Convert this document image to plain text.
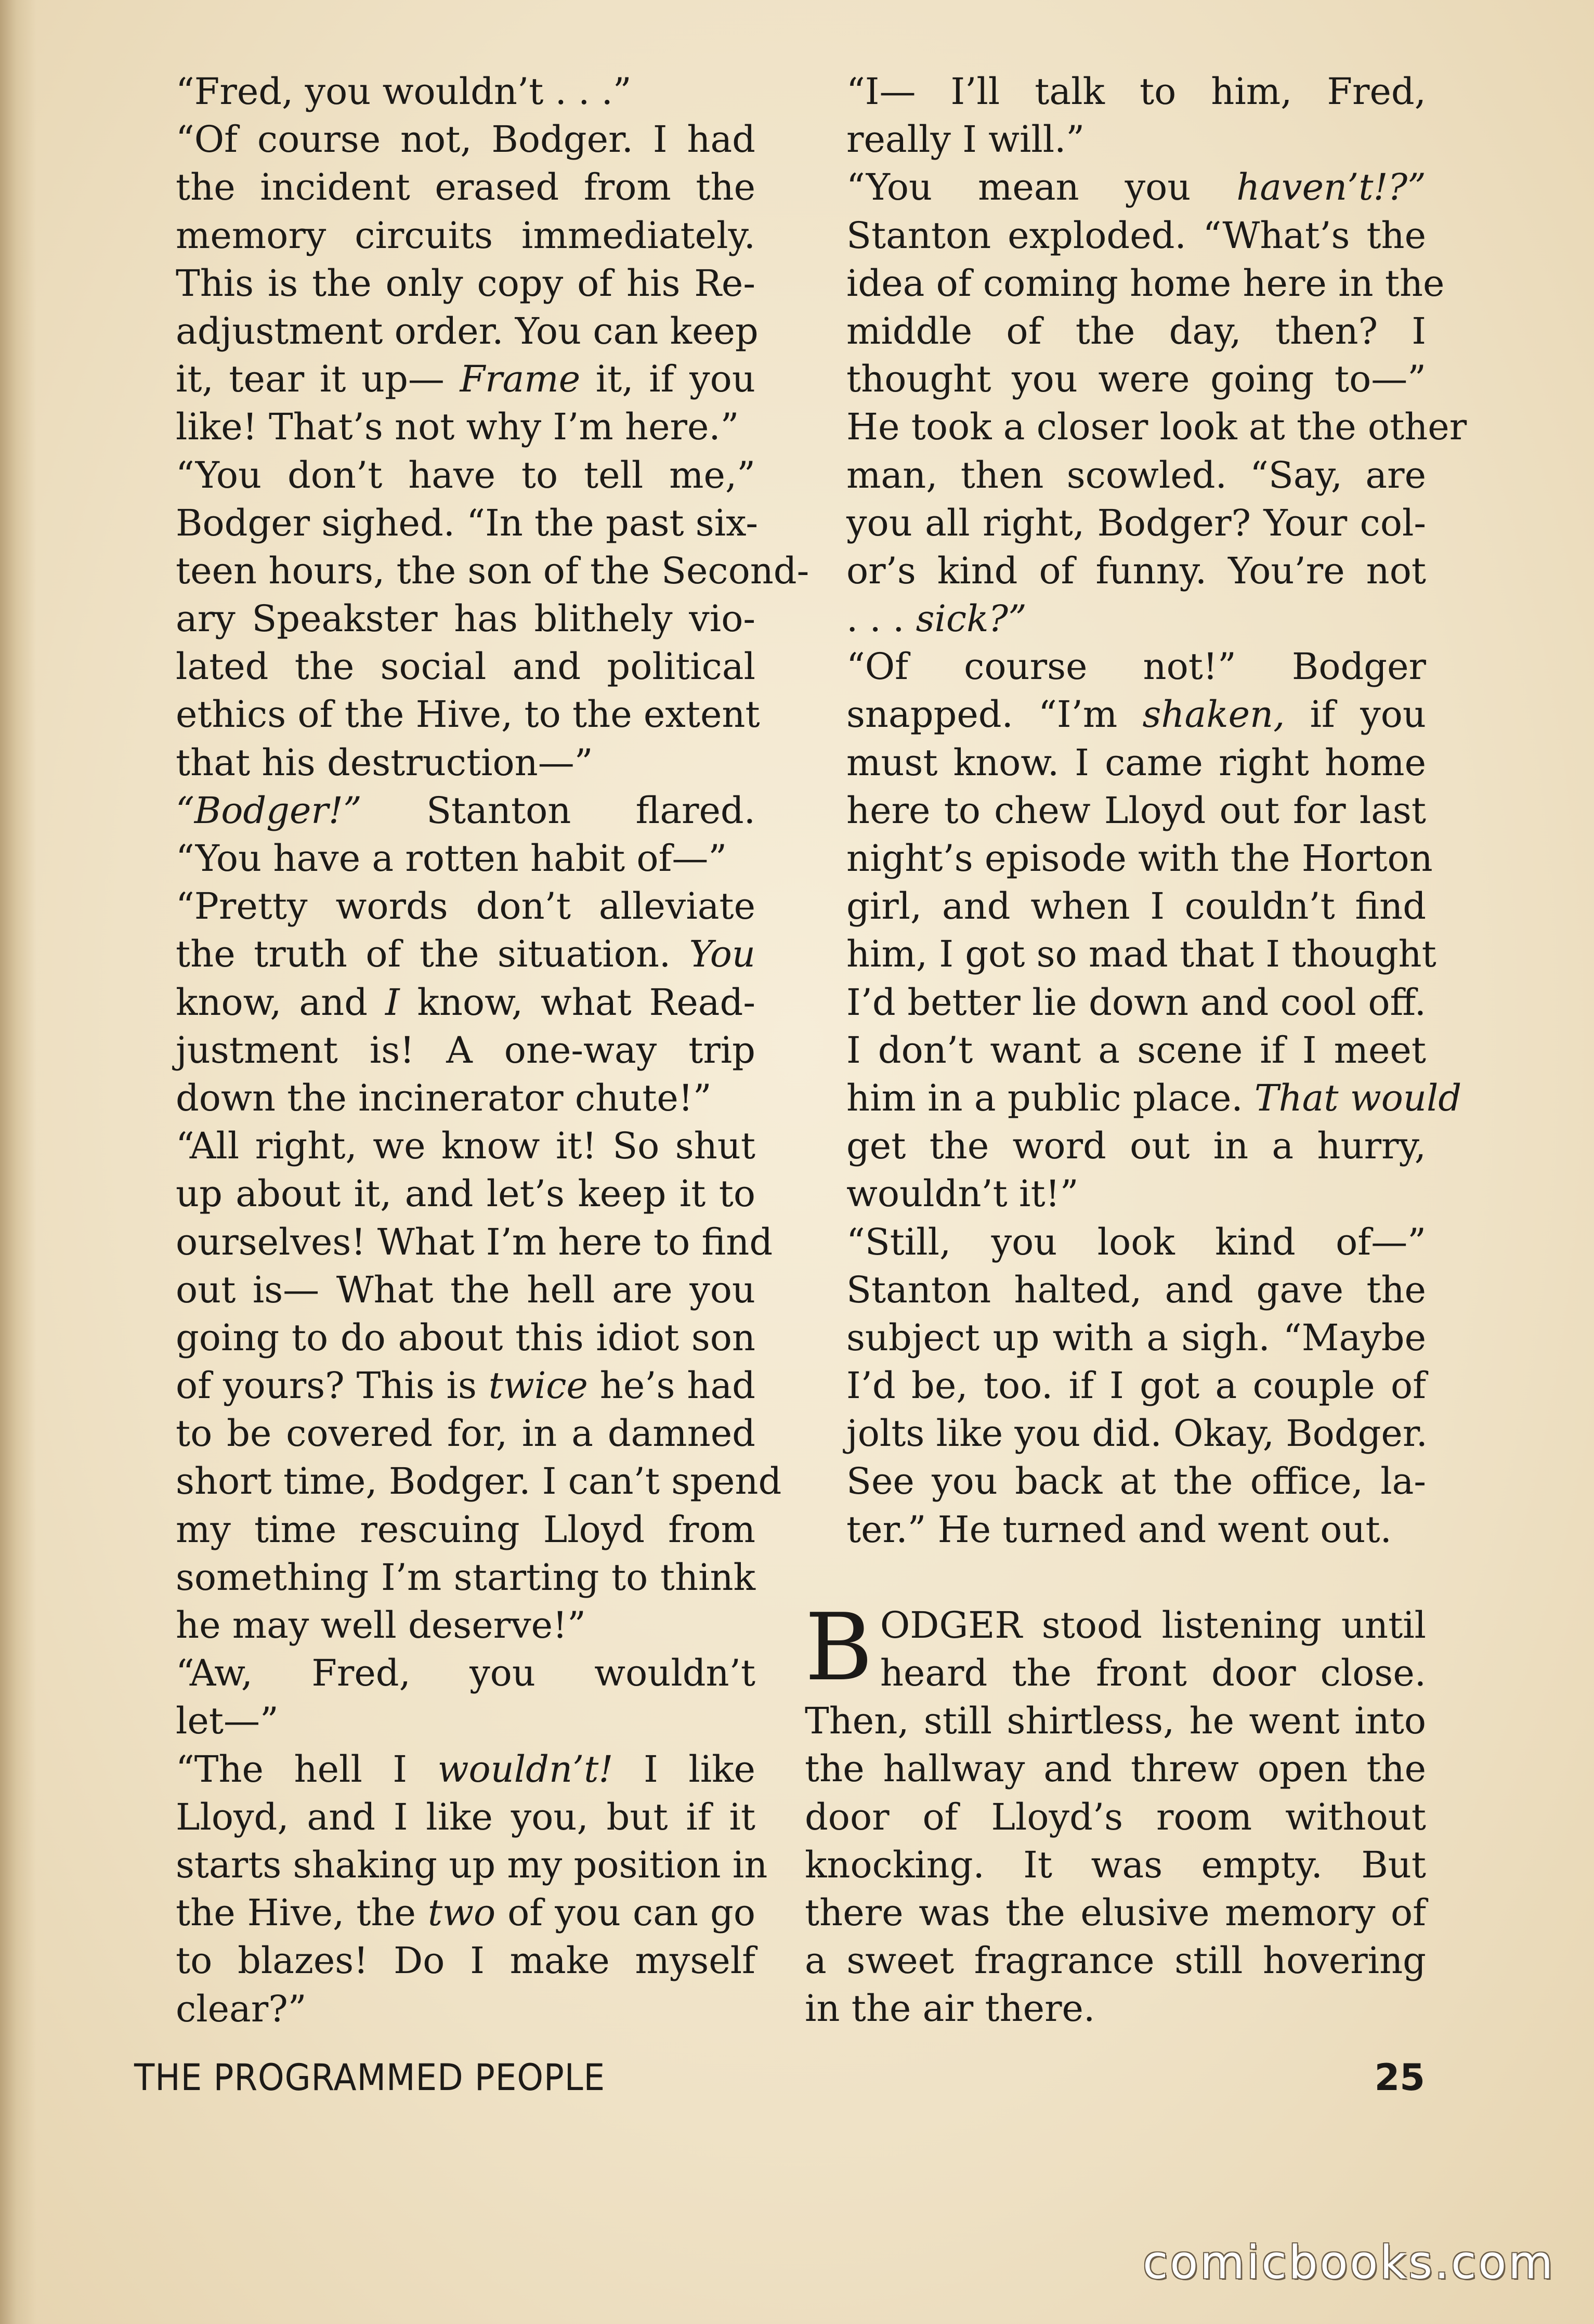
“Fred, you wouldn’t . . .”

“Of course not, Bodger. I had
the incident erased from the
memory circuits immediately.
This is the only copy of his Re-
adjustment order. You can keep
it, tear it up— Frame it, if you
like! That’s not why I’m here.”

“You don’t have to tell me,”
Bodger sighed. “In the past six-
teen hours, the son of the Second-
ary Speakster has blithely vio-
lated the social and political
ethics of the Hive, to the extent
that his destruction—”

“Bodger!” Stanton flared.
“You have a rotten habit of—”

“Pretty words don’t alleviate
the truth of the situation. You
know, and I know, what Read-
justment is! A one-way trip
down the incinerator chute!”

“All right, we know it! So shut
up about it, and let’s keep it to
ourselves! What I’m here to find
out is— What the hell are you
going to do about this idiot son
of yours? This is twice he’s had
to be covered for, in a damned
short time, Bodger. I can’t spend
my time rescuing Lloyd from
something I’m starting to think
he may well deserve!”

“Aw, Fred, you wouldn’t
let—”

“The hell I wouldn’t! I like
Lloyd, and I like you, but if it
starts shaking up my position in
the Hive, the two of you can go
to blazes! Do I make myself
clear?”

“I— I’ll talk to him, Fred,
really I will.”

“You mean you haven’t!?”
Stanton exploded. “What’s the
idea of coming home here in the
middle of the day, then? I
thought you were going to—”
He took a closer look at the other
man, then scowled. “Say, are
you all right, Bodger? Your col-
or’s kind of funny. You’re not
. . . sick?”

“Of course not!” Bodger
snapped. “I’m shaken, if you
must know. I came right home
here to chew Lloyd out for last
night’s episode with the Horton
girl, and when I couldn’t find
him, I got so mad that I thought
I’d better lie down and cool off.
I don’t want a scene if I meet
him in a public place. That would
get the word out in a hurry,
wouldn’t it!”

“Still, you look kind of—”
Stanton halted, and gave the
subject up with a sigh. “Maybe
I’d be, too. if I got a couple of
jolts like you did. Okay, Bodger.
See you back at the office, la-
ter.” He turned and went out.

B ODGER stood listening until
heard the front door close.
Then, still shirtless, he went into
the hallway and threw open the
door of Lloyd’s room without
knocking. It was empty. But
there was the elusive memory of
a sweet fragrance still hovering
in the air there.
THE PROGRAMMED PEOPLE	25
comicbooks.com
